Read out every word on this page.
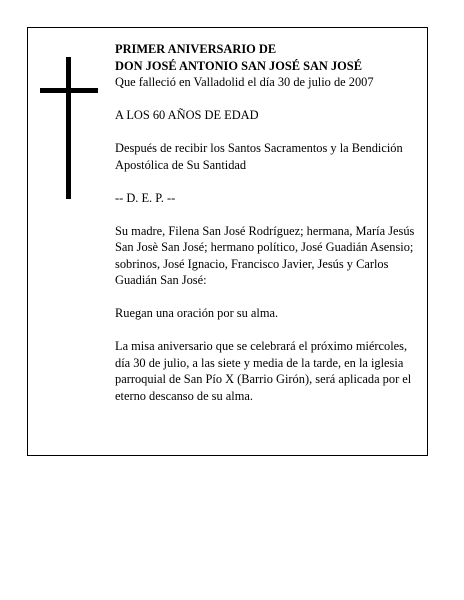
PRIMER ANIVERSARIO DE

DON JOSÉ ANTONIO SAN JOSÉ SAN JOSÉ

Que falleció en Valladolid el día 30 de julio de 2007

A LOS 60 AÑOS DE EDAD

Después de recibir los Santos Sacramentos y la Bendición Apostólica de Su Santidad

-- D. E. P. --

Su madre, Filena San José Rodríguez; hermana, María Jesús San Josè San José; hermano político, José Guadián Asensio; sobrinos, José Ignacio, Francisco Javier, Jesús y Carlos Guadián San José:

Ruegan una oración por su alma.

La misa aniversario que se celebrará el próximo miércoles, día 30 de julio, a las siete y media de la tarde, en la iglesia parroquial de San Pío X (Barrio Girón), será aplicada por el eterno descanso de su alma.
